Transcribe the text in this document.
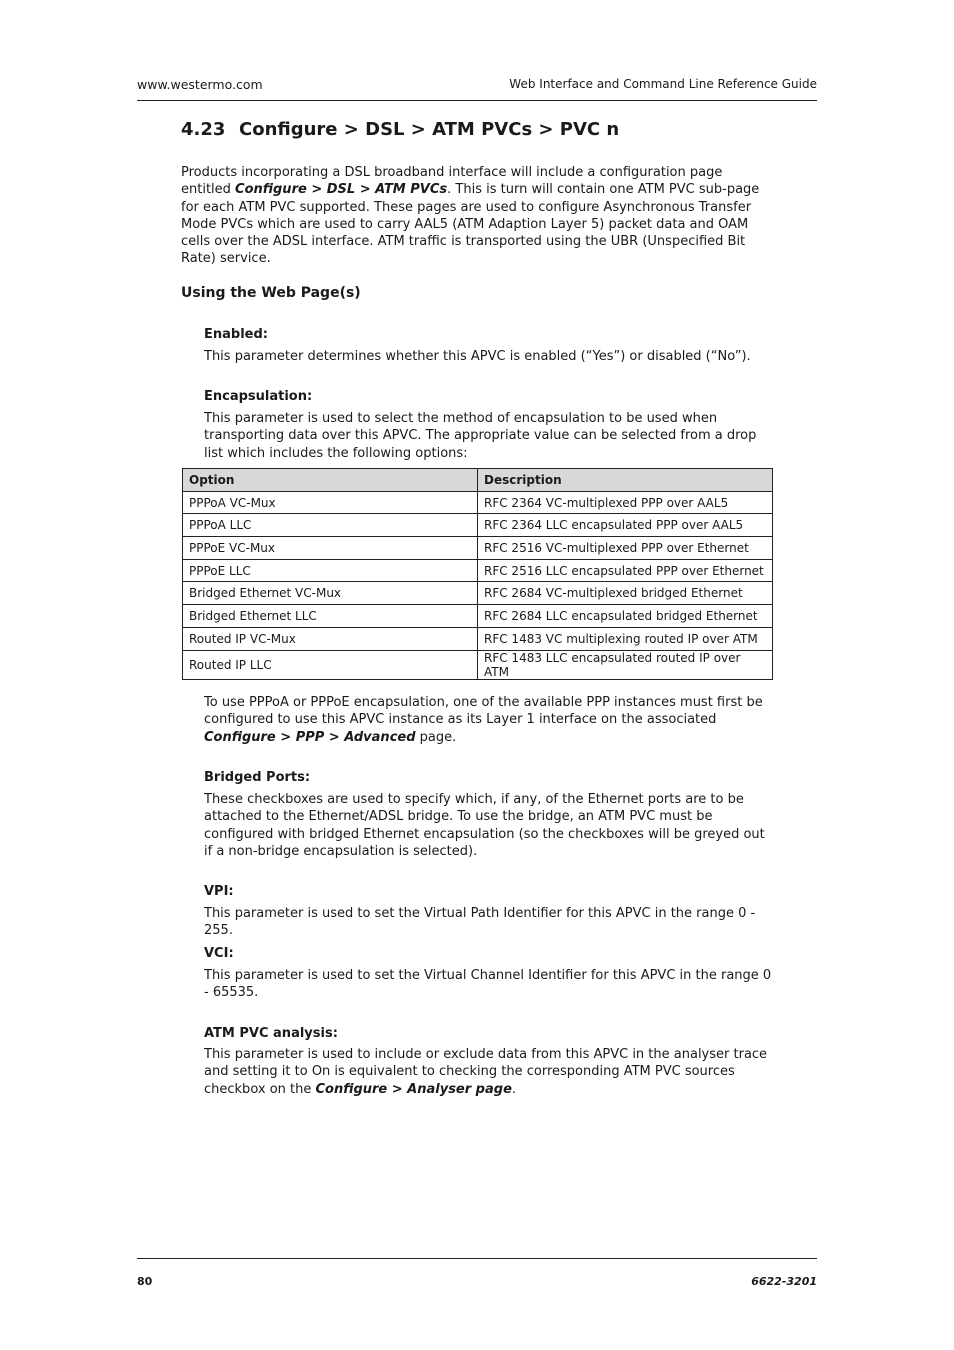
www.westermo.com	Web Interface and Command Line Reference Guide
4.23 Configure > DSL > ATM PVCs > PVC n

Products incorporating a DSL broadband interface will include a configuration page entitled Configure > DSL > ATM PVCs. This is turn will contain one ATM PVC sub-page for each ATM PVC supported. These pages are used to configure Asynchronous Transfer Mode PVCs which are used to carry AAL5 (ATM Adaption Layer 5) packet data and OAM cells over the ADSL interface. ATM traffic is transported using the UBR (Unspecified Bit Rate) service.

Using the Web Page(s)
Enabled:

This parameter determines whether this APVC is enabled (“Yes”) or disabled (“No”).

Encapsulation:

This parameter is used to select the method of encapsulation to be used when transporting data over this APVC. The appropriate value can be selected from a drop list which includes the following options:

Option	Description
PPPoA VC-Mux	RFC 2364 VC-multiplexed PPP over AAL5
PPPoA LLC	RFC 2364 LLC encapsulated PPP over AAL5
PPPoE VC-Mux	RFC 2516 VC-multiplexed PPP over Ethernet
PPPoE LLC	RFC 2516 LLC encapsulated PPP over Ethernet
Bridged Ethernet VC-Mux	RFC 2684 VC-multiplexed bridged Ethernet
Bridged Ethernet LLC	RFC 2684 LLC encapsulated bridged Ethernet
Routed IP VC-Mux	RFC 1483 VC multiplexing routed IP over ATM
Routed IP LLC	RFC 1483 LLC encapsulated routed IP over ATM

To use PPPoA or PPPoE encapsulation, one of the available PPP instances must first be configured to use this APVC instance as its Layer 1 interface on the associated Configure > PPP > Advanced page.

Bridged Ports:

These checkboxes are used to specify which, if any, of the Ethernet ports are to be attached to the Ethernet/ADSL bridge. To use the bridge, an ATM PVC must be configured with bridged Ethernet encapsulation (so the checkboxes will be greyed out if a non-bridge encapsulation is selected).

VPI:

This parameter is used to set the Virtual Path Identifier for this APVC in the range 0 - 255.

VCI:

This parameter is used to set the Virtual Channel Identifier for this APVC in the range 0 - 65535.

ATM PVC analysis:

This parameter is used to include or exclude data from this APVC in the analyser trace and setting it to On is equivalent to checking the corresponding ATM PVC sources checkbox on the Configure > Analyser page.

80	6622-3201
